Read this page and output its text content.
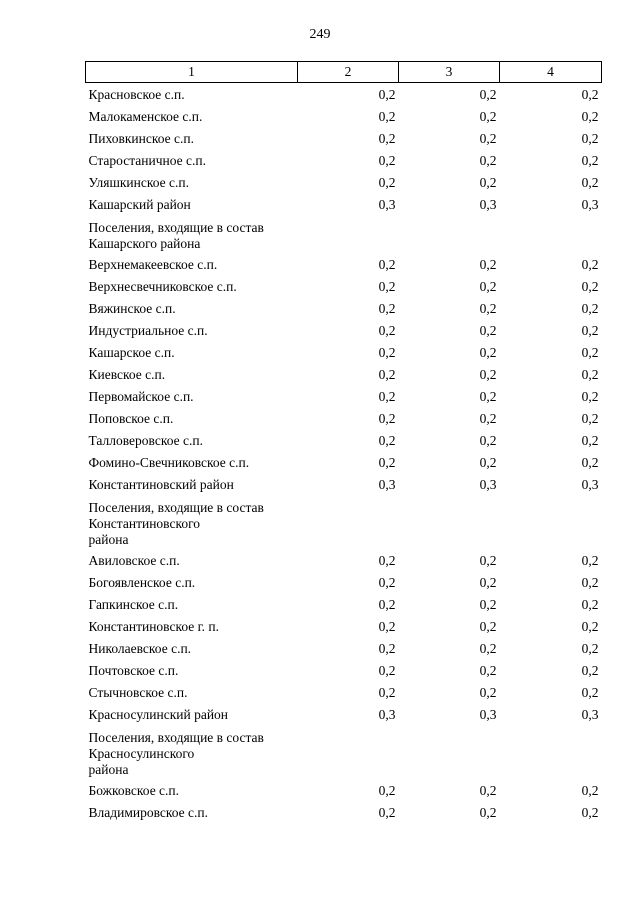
249
1	2	3	4
Красновское с.п.	0,2	0,2	0,2
Малокаменское с.п.	0,2	0,2	0,2
Пиховкинское с.п.	0,2	0,2	0,2
Старостаничное с.п.	0,2	0,2	0,2
Уляшкинское с.п.	0,2	0,2	0,2
Кашарский район	0,3	0,3	0,3

Поселения, входящие в состав
Кашарского района			

Верхнемакеевское с.п.	0,2	0,2	0,2
Верхнесвечниковское с.п.	0,2	0,2	0,2
Вяжинское с.п.	0,2	0,2	0,2
Индустриальное с.п.	0,2	0,2	0,2
Кашарское с.п.	0,2	0,2	0,2
Киевское с.п.	0,2	0,2	0,2
Первомайское с.п.	0,2	0,2	0,2
Поповское с.п.	0,2	0,2	0,2
Талловеровское с.п.	0,2	0,2	0,2
Фомино-Свечниковское с.п.	0,2	0,2	0,2
Константиновский район	0,3	0,3	0,3

Поселения, входящие в состав
Константиновского
района			

Авиловское с.п.	0,2	0,2	0,2
Богоявленское с.п.	0,2	0,2	0,2
Гапкинское с.п.	0,2	0,2	0,2
Константиновское г. п.	0,2	0,2	0,2
Николаевское с.п.	0,2	0,2	0,2
Почтовское с.п.	0,2	0,2	0,2
Стычновское с.п.	0,2	0,2	0,2
Красносулинский район	0,3	0,3	0,3

Поселения, входящие в состав
Красносулинского
района			

Божковское с.п.	0,2	0,2	0,2
Владимировское с.п.	0,2	0,2	0,2
